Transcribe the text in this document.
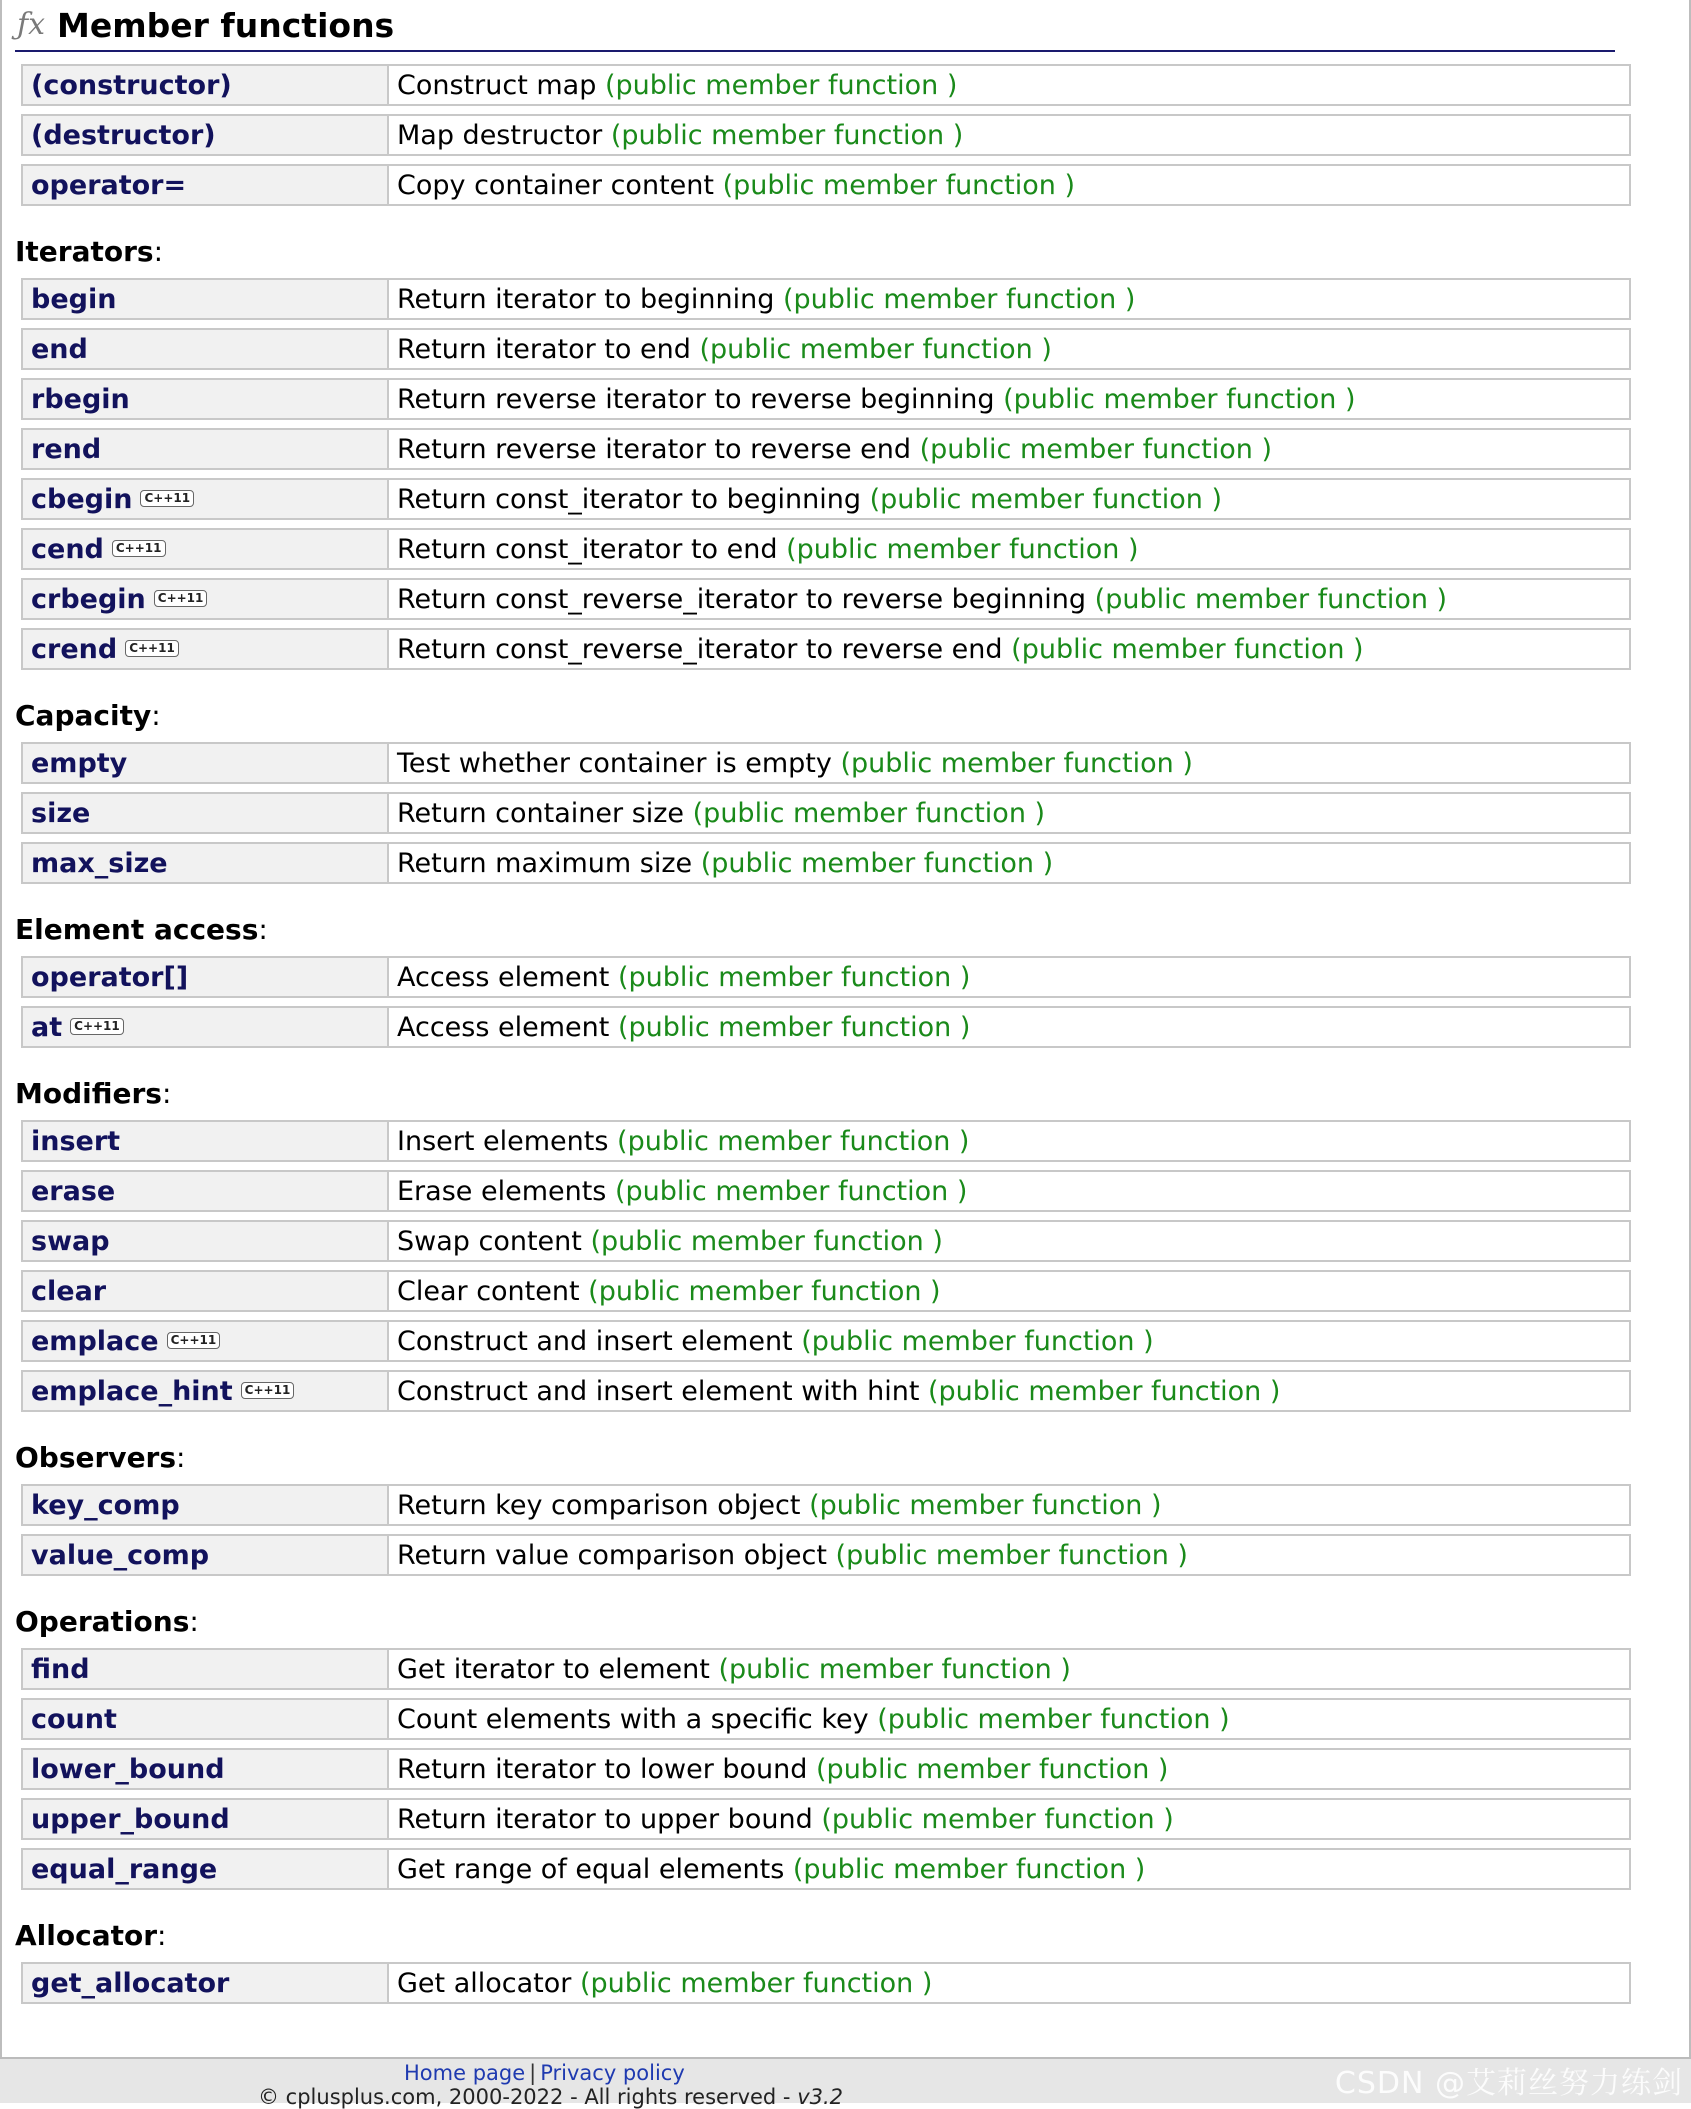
ƒx Member functions
(constructor)	Construct map (public member function )
(destructor)	Map destructor (public member function )
operator=	Copy container content (public member function )
Iterators:
begin	Return iterator to beginning (public member function )
end	Return iterator to end (public member function )
rbegin	Return reverse iterator to reverse beginning (public member function )
rend	Return reverse iterator to reverse end (public member function )
cbegin C++11	Return const_iterator to beginning (public member function )
cend C++11	Return const_iterator to end (public member function )
crbegin C++11	Return const_reverse_iterator to reverse beginning (public member function )
crend C++11	Return const_reverse_iterator to reverse end (public member function )
Capacity:
empty	Test whether container is empty (public member function )
size	Return container size (public member function )
max_size	Return maximum size (public member function )
Element access:
operator[]	Access element (public member function )
at C++11	Access element (public member function )
Modifiers:
insert	Insert elements (public member function )
erase	Erase elements (public member function )
swap	Swap content (public member function )
clear	Clear content (public member function )
emplace C++11	Construct and insert element (public member function )
emplace_hint C++11	Construct and insert element with hint (public member function )
Observers:
key_comp	Return key comparison object (public member function )
value_comp	Return value comparison object (public member function )
Operations:
find	Get iterator to element (public member function )
count	Count elements with a specific key (public member function )
lower_bound	Return iterator to lower bound (public member function )
upper_bound	Return iterator to upper bound (public member function )
equal_range	Get range of equal elements (public member function )
Allocator:
get_allocator	Get allocator (public member function )
Home page | Privacy policy
© cplusplus.com, 2000-2022 - All rights reserved - v3.2	CSDN @艾莉丝努力练剑
